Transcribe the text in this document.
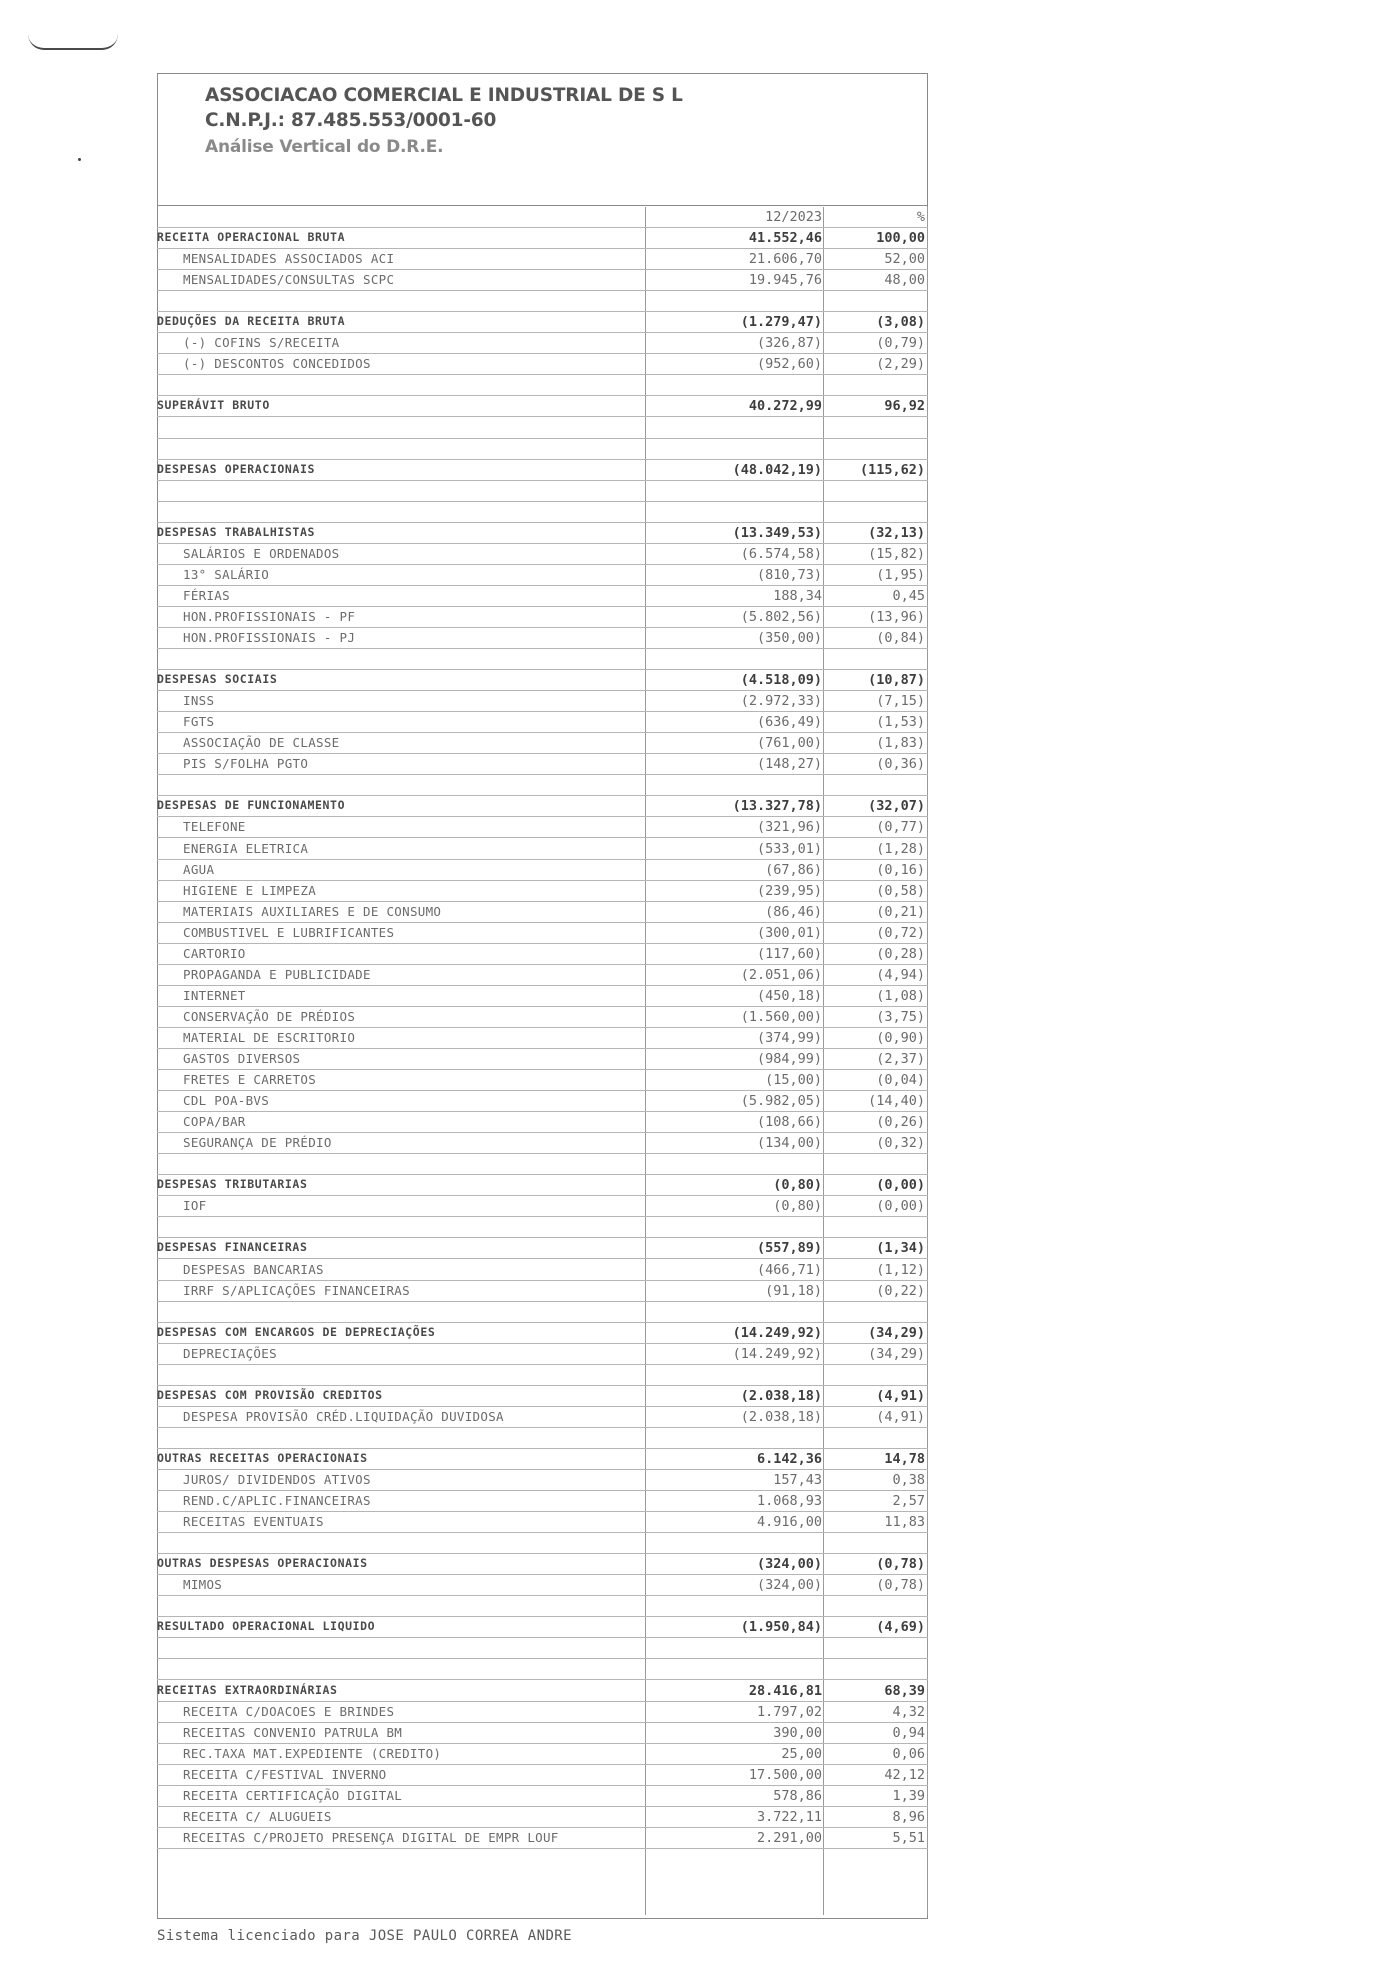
ASSOCIACAO COMERCIAL E INDUSTRIAL DE S L
C.N.P.J.: 87.485.553/0001-60
Análise Vertical do D.R.E.
12/2023	%
RECEITA OPERACIONAL BRUTA	41.552,46	100,00
MENSALIDADES ASSOCIADOS ACI	21.606,70	52,00
MENSALIDADES/CONSULTAS SCPC	19.945,76	48,00
DEDUÇÕES DA RECEITA BRUTA	(1.279,47)	(3,08)
(-) COFINS S/RECEITA	(326,87)	(0,79)
(-) DESCONTOS CONCEDIDOS	(952,60)	(2,29)
SUPERÁVIT BRUTO	40.272,99	96,92
DESPESAS OPERACIONAIS	(48.042,19)	(115,62)
DESPESAS TRABALHISTAS	(13.349,53)	(32,13)
SALÁRIOS E ORDENADOS	(6.574,58)	(15,82)
13° SALÁRIO	(810,73)	(1,95)
FÉRIAS	188,34	0,45
HON.PROFISSIONAIS - PF	(5.802,56)	(13,96)
HON.PROFISSIONAIS - PJ	(350,00)	(0,84)
DESPESAS SOCIAIS	(4.518,09)	(10,87)
INSS	(2.972,33)	(7,15)
FGTS	(636,49)	(1,53)
ASSOCIAÇÃO DE CLASSE	(761,00)	(1,83)
PIS S/FOLHA PGTO	(148,27)	(0,36)
DESPESAS DE FUNCIONAMENTO	(13.327,78)	(32,07)
TELEFONE	(321,96)	(0,77)
ENERGIA ELETRICA	(533,01)	(1,28)
AGUA	(67,86)	(0,16)
HIGIENE E LIMPEZA	(239,95)	(0,58)
MATERIAIS AUXILIARES E DE CONSUMO	(86,46)	(0,21)
COMBUSTIVEL E LUBRIFICANTES	(300,01)	(0,72)
CARTORIO	(117,60)	(0,28)
PROPAGANDA E PUBLICIDADE	(2.051,06)	(4,94)
INTERNET	(450,18)	(1,08)
CONSERVAÇÃO DE PRÉDIOS	(1.560,00)	(3,75)
MATERIAL DE ESCRITORIO	(374,99)	(0,90)
GASTOS DIVERSOS	(984,99)	(2,37)
FRETES E CARRETOS	(15,00)	(0,04)
CDL POA-BVS	(5.982,05)	(14,40)
COPA/BAR	(108,66)	(0,26)
SEGURANÇA DE PRÉDIO	(134,00)	(0,32)
DESPESAS TRIBUTARIAS	(0,80)	(0,00)
IOF	(0,80)	(0,00)
DESPESAS FINANCEIRAS	(557,89)	(1,34)
DESPESAS BANCARIAS	(466,71)	(1,12)
IRRF S/APLICAÇÕES FINANCEIRAS	(91,18)	(0,22)
DESPESAS COM ENCARGOS DE DEPRECIAÇÕES	(14.249,92)	(34,29)
DEPRECIAÇÕES	(14.249,92)	(34,29)
DESPESAS COM PROVISÃO CREDITOS	(2.038,18)	(4,91)
DESPESA PROVISÃO CRÉD.LIQUIDAÇÃO DUVIDOSA	(2.038,18)	(4,91)
OUTRAS RECEITAS OPERACIONAIS	6.142,36	14,78
JUROS/ DIVIDENDOS ATIVOS	157,43	0,38
REND.C/APLIC.FINANCEIRAS	1.068,93	2,57
RECEITAS EVENTUAIS	4.916,00	11,83
OUTRAS DESPESAS OPERACIONAIS	(324,00)	(0,78)
MIMOS	(324,00)	(0,78)
RESULTADO OPERACIONAL LIQUIDO	(1.950,84)	(4,69)
RECEITAS EXTRAORDINÁRIAS	28.416,81	68,39
RECEITA C/DOACOES E BRINDES	1.797,02	4,32
RECEITAS CONVENIO PATRULA BM	390,00	0,94
REC.TAXA MAT.EXPEDIENTE (CREDITO)	25,00	0,06
RECEITA C/FESTIVAL INVERNO	17.500,00	42,12
RECEITA CERTIFICAÇÃO DIGITAL	578,86	1,39
RECEITA C/ ALUGUEIS	3.722,11	8,96
RECEITAS C/PROJETO PRESENÇA DIGITAL DE EMPR LOUF	2.291,00	5,51
Sistema licenciado para JOSE PAULO CORREA ANDRE
